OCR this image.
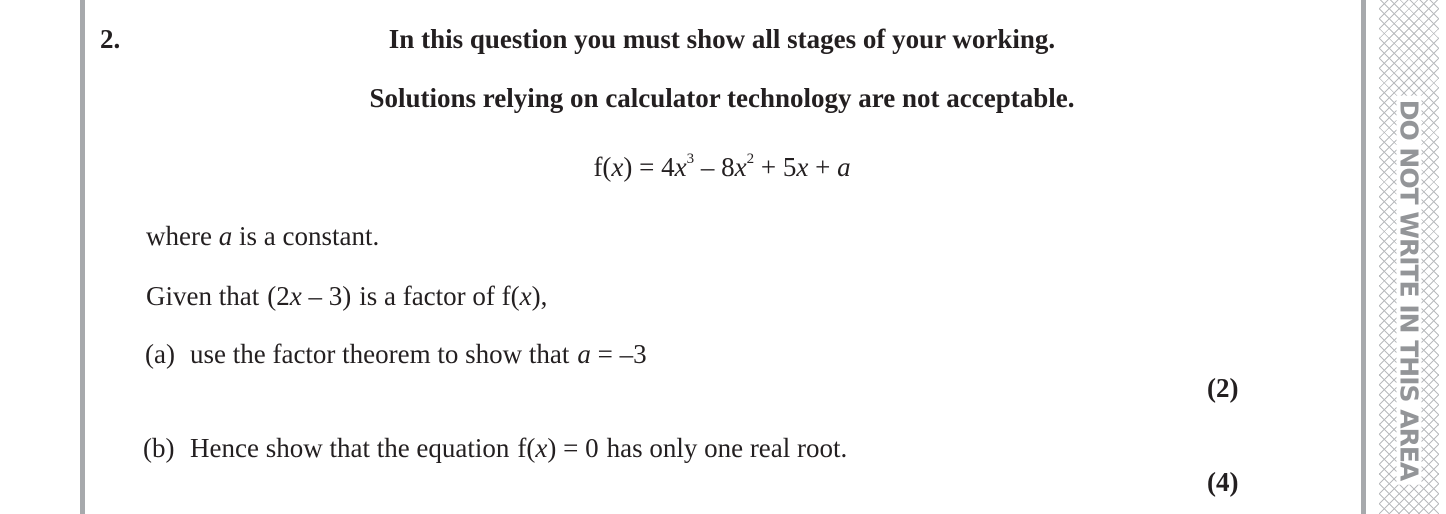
DO NOT WRITE IN THIS AREA
2.	In this question you must show all stages of your working.
Solutions relying on calculator technology are not acceptable.
$f(x) = 4x^3 - 8x^2 + 5x + a$
where a is a constant.
Given that (2x – 3) is a factor of f(x),
(a) use the factor theorem to show that a = –3
(2)
(b) Hence show that the equation f(x) = 0 has only one real root.
(4)
